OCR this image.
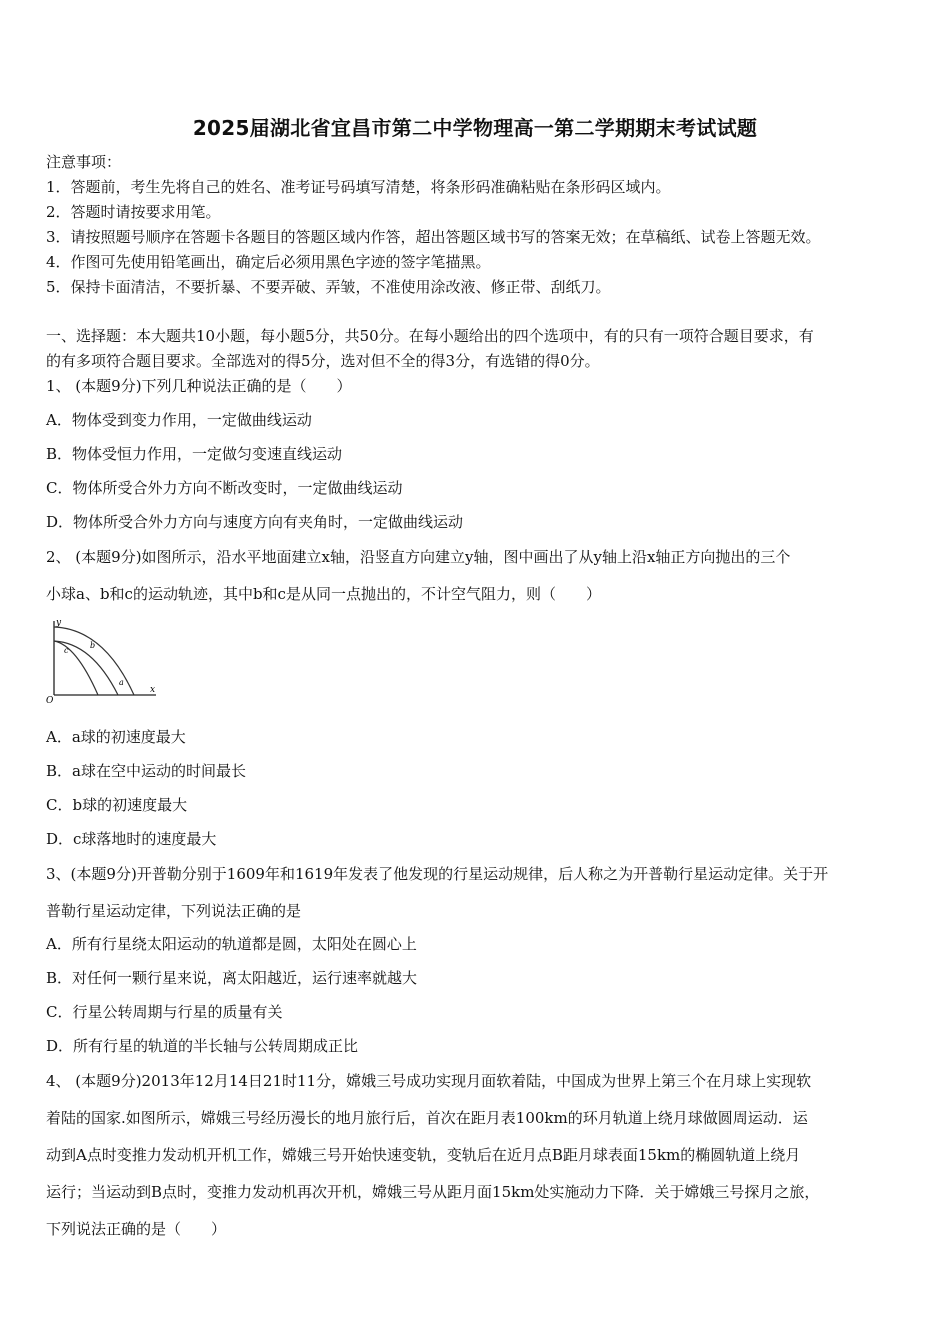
2025届湖北省宜昌市第二中学物理高一第二学期期末考试试题
注意事项：
1．答题前，考生先将自己的姓名、准考证号码填写清楚，将条形码准确粘贴在条形码区域内。
2．答题时请按要求用笔。
3．请按照题号顺序在答题卡各题目的答题区域内作答，超出答题区域书写的答案无效；在草稿纸、试卷上答题无效。
4．作图可先使用铅笔画出，确定后必须用黑色字迹的签字笔描黑。
5．保持卡面清洁，不要折暴、不要弄破、弄皱，不准使用涂改液、修正带、刮纸刀。
一、选择题：本大题共10小题，每小题5分，共50分。在每小题给出的四个选项中，有的只有一项符合题目要求，有
的有多项符合题目要求。全部选对的得5分，选对但不全的得3分，有选错的得0分。
1、 (本题9分)下列几种说法正确的是（　　）
A．物体受到变力作用，一定做曲线运动
B．物体受恒力作用，一定做匀变速直线运动
C．物体所受合外力方向不断改变时，一定做曲线运动
D．物体所受合外力方向与速度方向有夹角时，一定做曲线运动
2、 (本题9分)如图所示，沿水平地面建立x轴，沿竖直方向建立y轴，图中画出了从y轴上沿x轴正方向抛出的三个
小球a、b和c的运动轨迹，其中b和c是从同一点抛出的，不计空气阻力，则（　　）
y
x
O
a
b
c
A．a球的初速度最大
B．a球在空中运动的时间最长
C．b球的初速度最大
D．c球落地时的速度最大
3、(本题9分)开普勒分别于1609年和1619年发表了他发现的行星运动规律，后人称之为开普勒行星运动定律。关于开
普勒行星运动定律，下列说法正确的是
A．所有行星绕太阳运动的轨道都是圆，太阳处在圆心上
B．对任何一颗行星来说，离太阳越近，运行速率就越大
C．行星公转周期与行星的质量有关
D．所有行星的轨道的半长轴与公转周期成正比
4、 (本题9分)2013年12月14日21时11分，嫦娥三号成功实现月面软着陆，中国成为世界上第三个在月球上实现软
着陆的国家.如图所示，嫦娥三号经历漫长的地月旅行后，首次在距月表100km的环月轨道上绕月球做圆周运动．运
动到A点时变推力发动机开机工作，嫦娥三号开始快速变轨，变轨后在近月点B距月球表面15km的椭圆轨道上绕月
运行；当运动到B点时，变推力发动机再次开机，嫦娥三号从距月面15km处实施动力下降．关于嫦娥三号探月之旅，
下列说法正确的是（　　）
